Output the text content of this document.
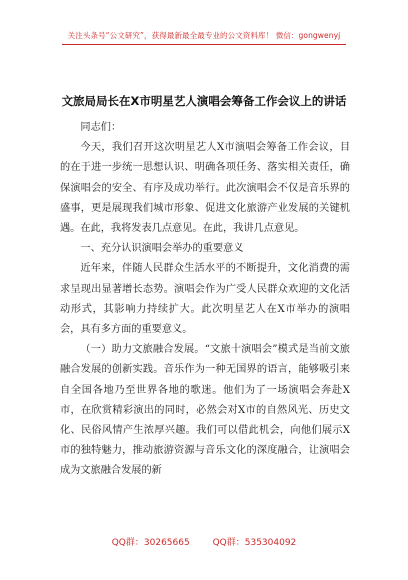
关注头条号“公文研究”，获得最新最全最专业的公文资料库！ 微信：gongwenyj
文旅局局长在X市明星艺人演唱会筹备工作会议上的讲话

同志们：

今天，我们召开这次明星艺人X市演唱会筹备工作会议，目的在于进一步统一思想认识、明确各项任务、落实相关责任，确保演唱会的安全、有序及成功举行。此次演唱会不仅是音乐界的盛事，更是展现我们城市形象、促进文化旅游产业发展的关键机遇。在此，我将发表几点意见。在此，我讲几点意见。

一、充分认识演唱会举办的重要意义

近年来，伴随人民群众生活水平的不断提升，文化消费的需求呈现出显著增长态势。演唱会作为广受人民群众欢迎的文化活动形式，其影响力持续扩大。此次明星艺人在X市举办的演唱会，具有多方面的重要意义。

（一）助力文旅融合发展。“文旅十演唱会”模式是当前文旅融合发展的创新实践。音乐作为一种无国界的语言，能够吸引来自全国各地乃至世界各地的歌迷。他们为了一场演唱会奔赴X市，在欣赏精彩演出的同时，必然会对X市的自然风光、历史文化、民俗风情产生浓厚兴趣。我们可以借此机会，向他们展示X市的独特魅力，推动旅游资源与音乐文化的深度融合，让演唱会成为文旅融合发展的新

QQ群：30265665	QQ群：535304092
